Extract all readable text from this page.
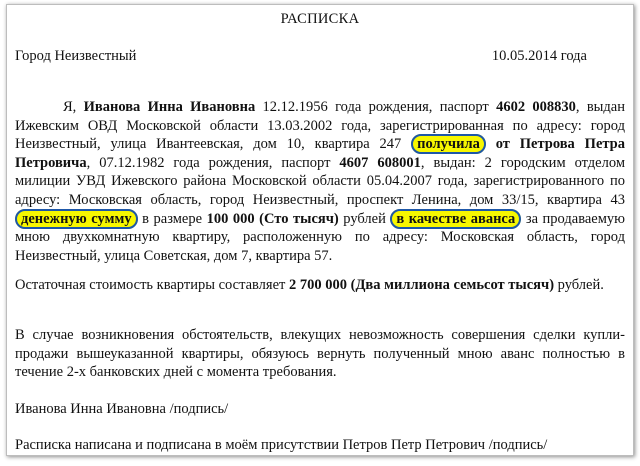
РАСПИСКА
Город Неизвестный	10.05.2014 года
Я, Иванова Инна Ивановна 12.12.1956 года рождения, паспорт 4602 008830, выдан Ижевским ОВД Московской области 13.03.2002 года, зарегистрированная по адресу: город Неизвестный, улица Ивантеевская, дом 10, квартира 247 получила от Петрова Петра Петровича, 07.12.1982 года рождения, паспорт 4607 608001, выдан: 2 городским отделом милиции УВД Ижевского района Московской области 05.04.2007 года, зарегистрированного по адресу: Московская область, город Неизвестный, проспект Ленина, дом 33/15, квартира 43 денежную сумму в размере 100 000 (Сто тысяч) рублей в качестве аванса за продаваемую мною двухкомнатную квартиру, расположенную по адресу: Московская область, город Неизвестный, улица Советская, дом 7, квартира 57.
Остаточная стоимость квартиры составляет 2 700 000 (Два миллиона семьсот тысяч) рублей.
В случае возникновения обстоятельств, влекущих невозможность совершения сделки купли-продажи вышеуказанной квартиры, обязуюсь вернуть полученный мною аванс полностью в течение 2-х банковских дней с момента требования.
Иванова Инна Ивановна /подпись/
Расписка написана и подписана в моём присутствии Петров Петр Петрович /подпись/
